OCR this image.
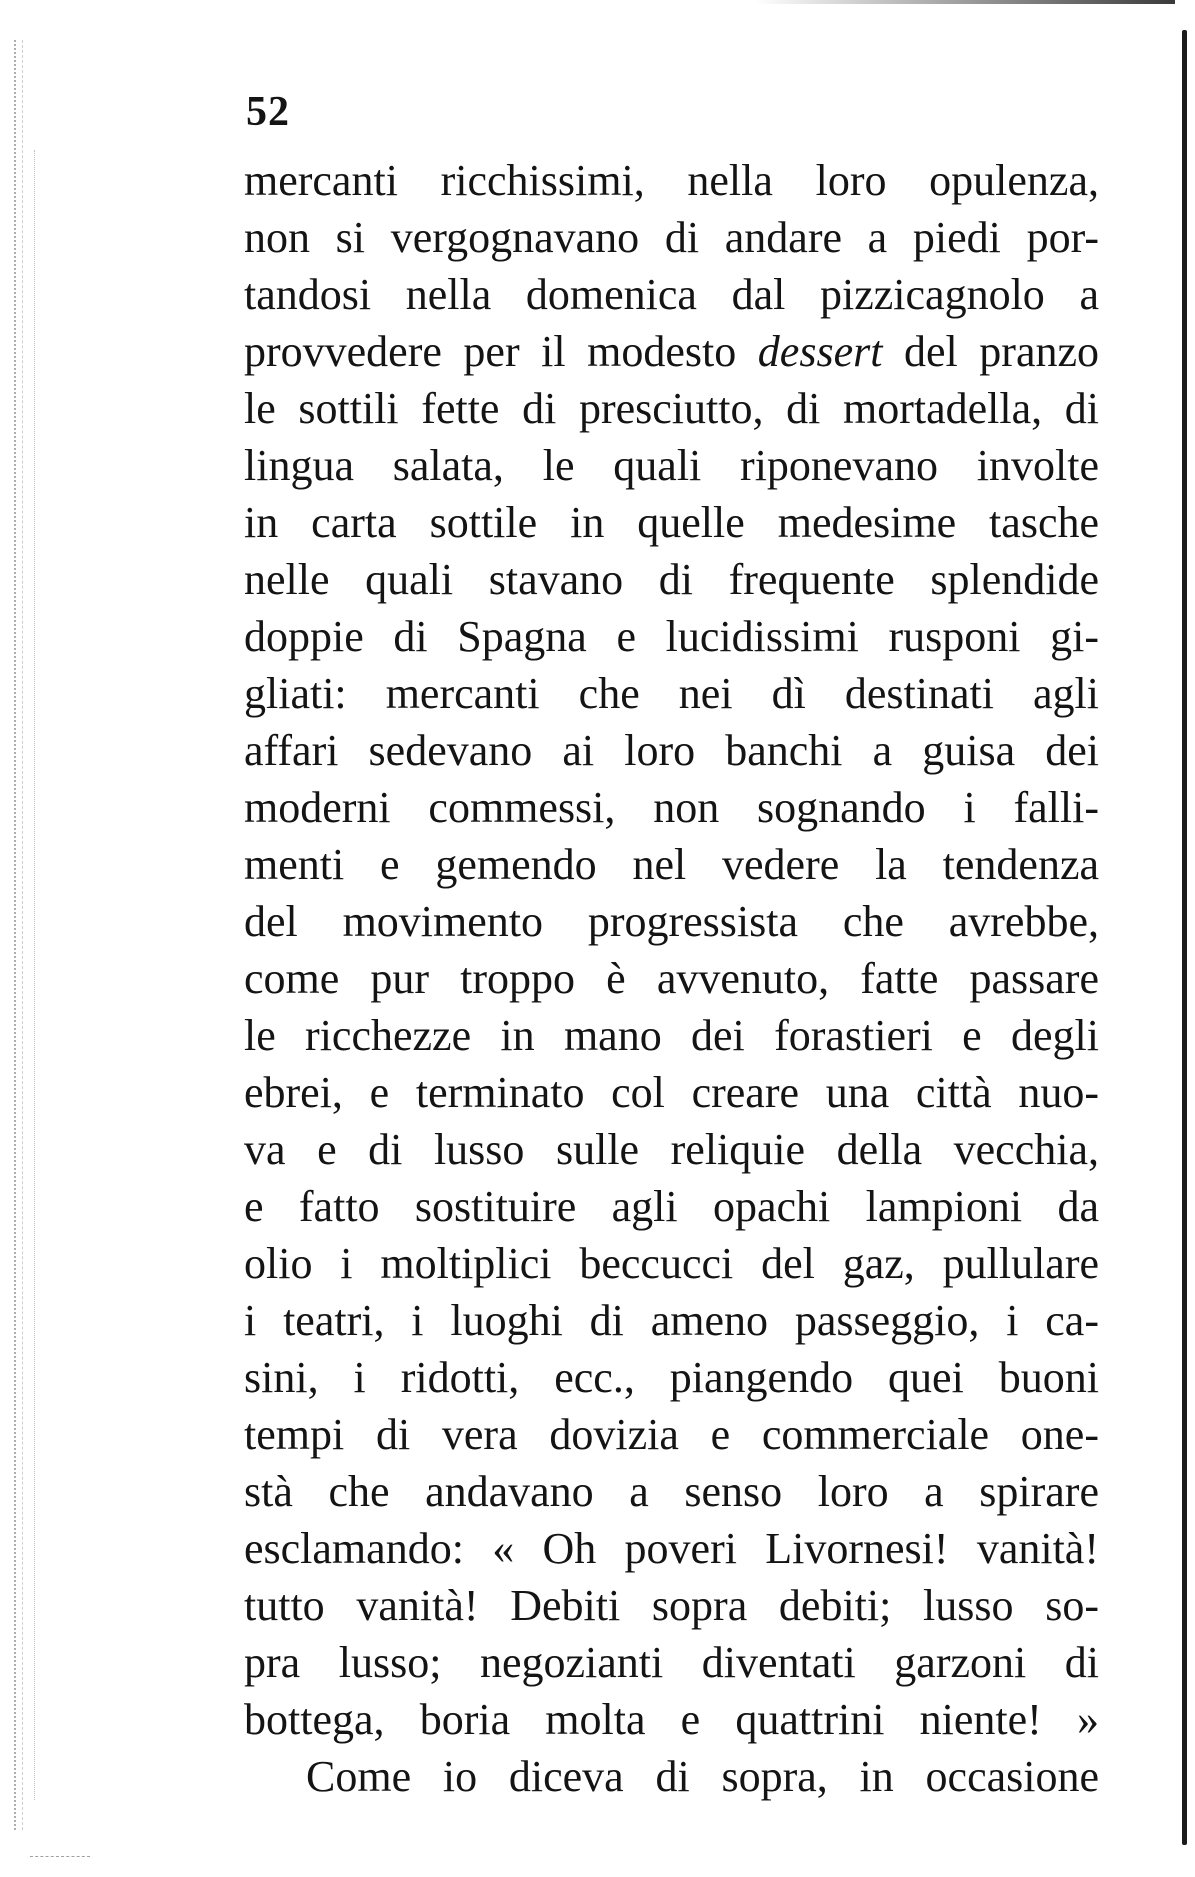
52
mercanti ricchissimi, nella loro opulenza,
non si vergognavano di andare a piedi por-
tandosi nella domenica dal pizzicagnolo a
provvedere per il modesto dessert del pranzo
le sottili fette di presciutto, di mortadella, di
lingua salata, le quali riponevano involte
in carta sottile in quelle medesime tasche
nelle quali stavano di frequente splendide
doppie di Spagna e lucidissimi rusponi gi-
gliati: mercanti che nei dì destinati agli
affari sedevano ai loro banchi a guisa dei
moderni commessi, non sognando i falli-
menti e gemendo nel vedere la tendenza
del movimento progressista che avrebbe,
come pur troppo è avvenuto, fatte passare
le ricchezze in mano dei forastieri e degli
ebrei, e terminato col creare una città nuo-
va e di lusso sulle reliquie della vecchia,
e fatto sostituire agli opachi lampioni da
olio i moltiplici beccucci del gaz, pullulare
i teatri, i luoghi di ameno passeggio, i ca-
sini, i ridotti, ecc., piangendo quei buoni
tempi di vera dovizia e commerciale one-
stà che andavano a senso loro a spirare
esclamando: « Oh poveri Livornesi! vanità!
tutto vanità! Debiti sopra debiti; lusso so-
pra lusso; negozianti diventati garzoni di
bottega, boria molta e quattrini niente! »
Come io diceva di sopra, in occasione
